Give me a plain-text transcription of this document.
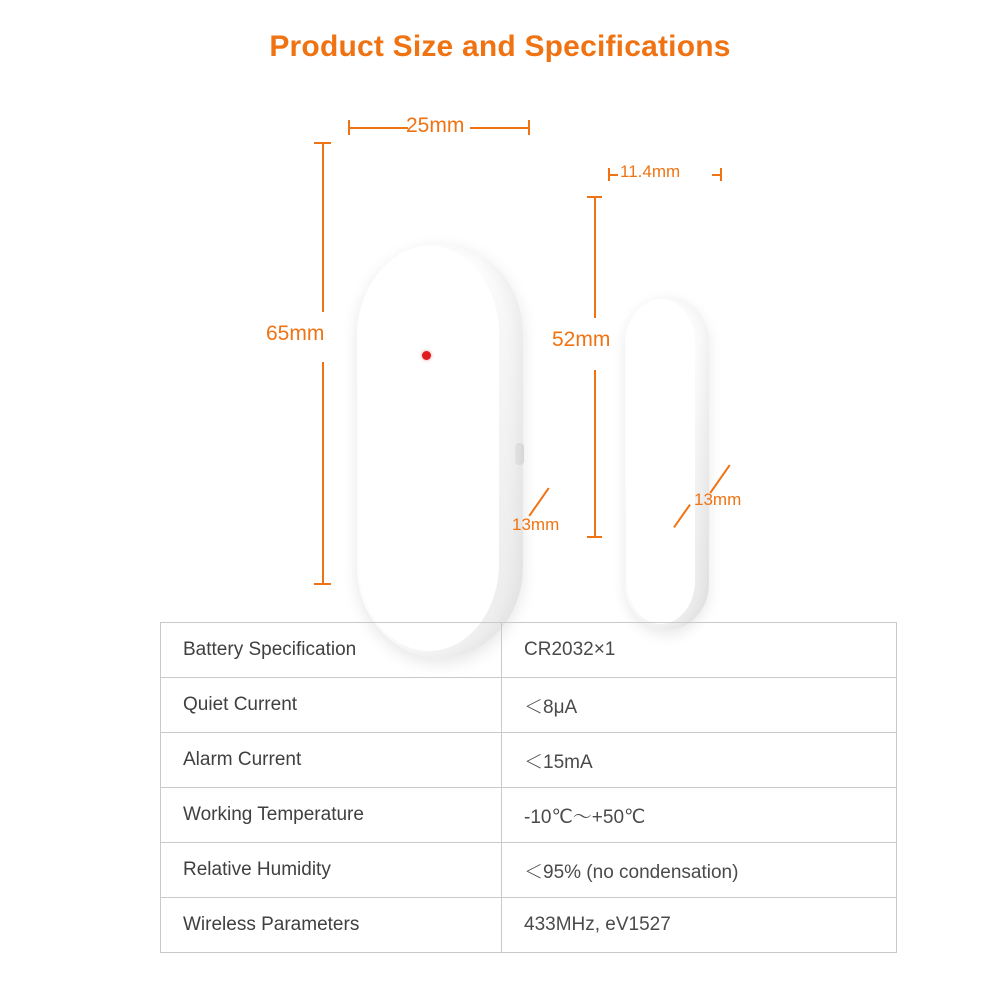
Product Size and Specifications
25mm
65mm
13mm
11.4mm
52mm
13mm
Battery Specification	CR2032×1
Quiet Current	＜8μA
Alarm Current	＜15mA
Working Temperature	-10℃～+50℃
Relative Humidity	＜95% (no condensation)
Wireless Parameters	433MHz, eV1527
